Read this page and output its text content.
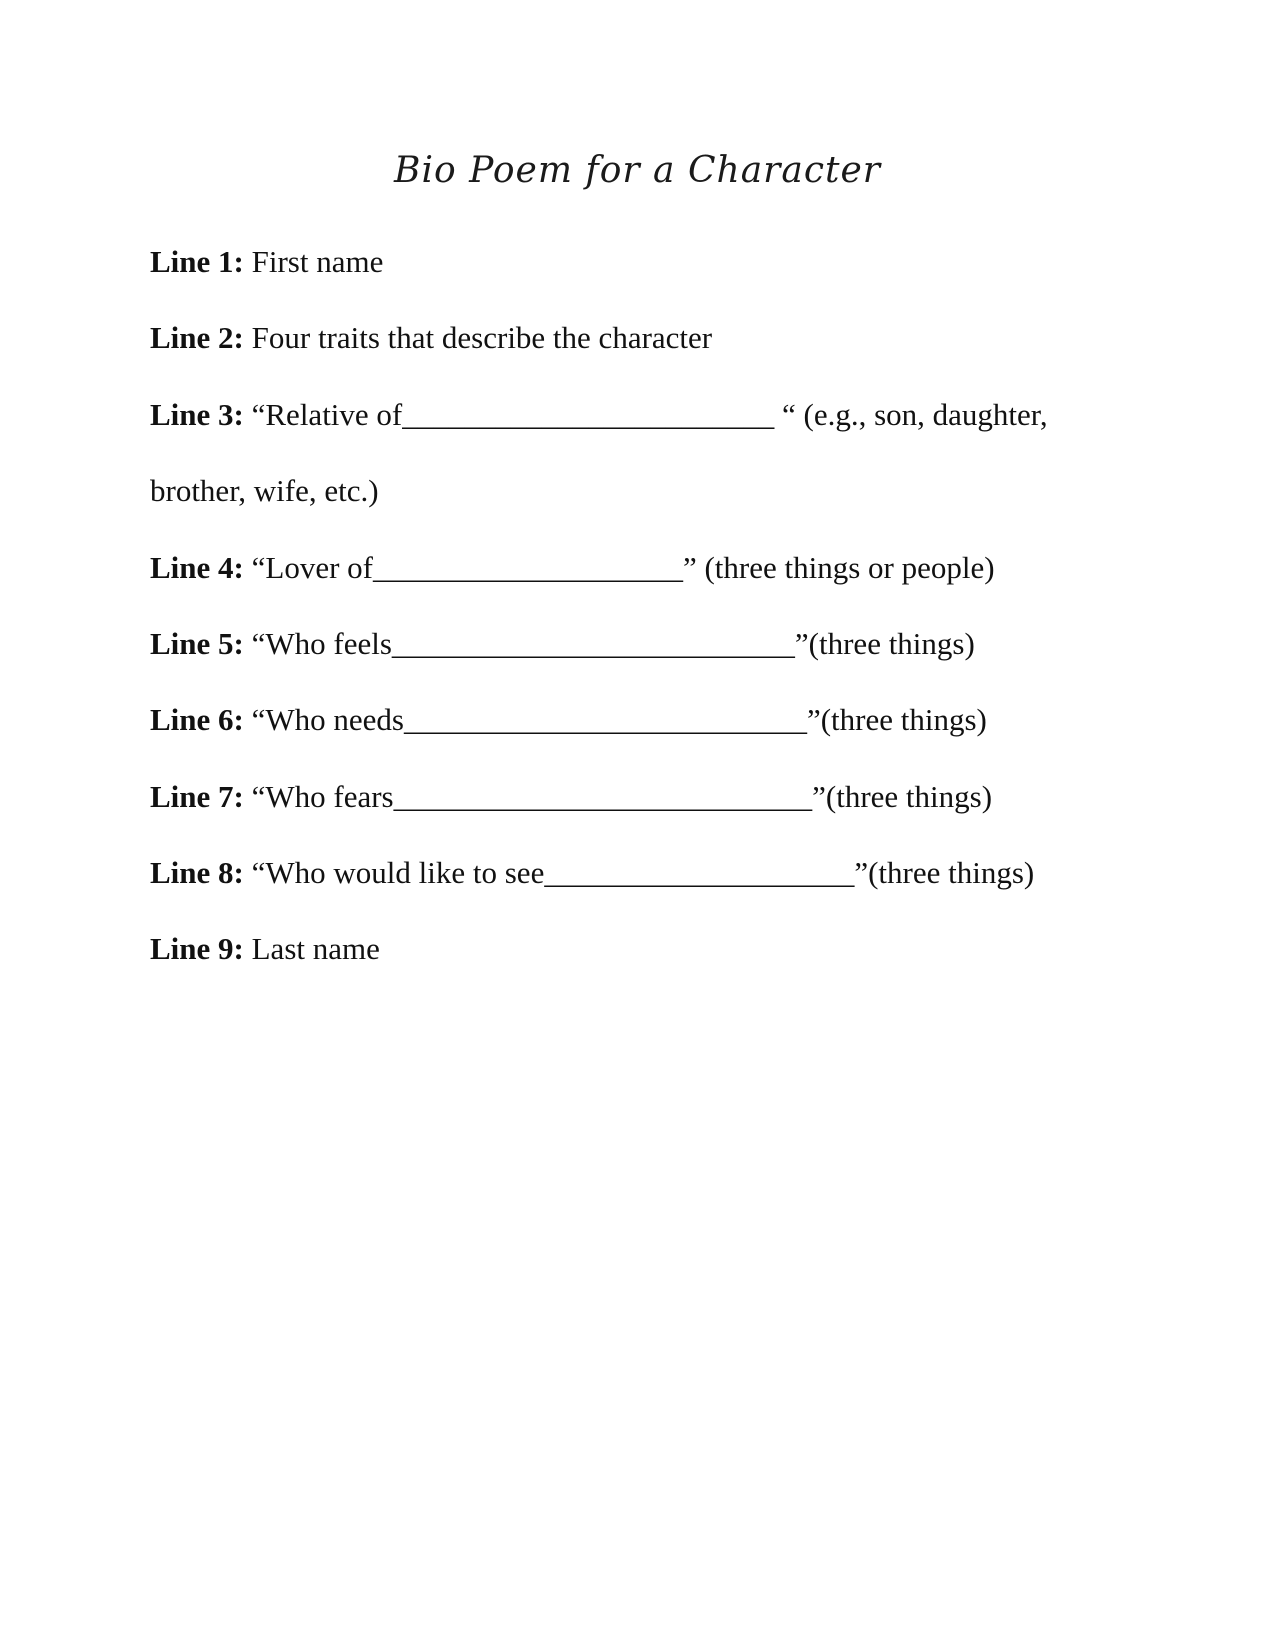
Bio Poem for a Character
Line 1: First name
Line 2: Four traits that describe the character
Line 3: “Relative of________________________ “ (e.g., son, daughter,
brother, wife, etc.)
Line 4: “Lover of____________________” (three things or people)
Line 5: “Who feels__________________________”(three things)
Line 6: “Who needs__________________________”(three things)
Line 7: “Who fears___________________________”(three things)
Line 8: “Who would like to see____________________”(three things)
Line 9: Last name
